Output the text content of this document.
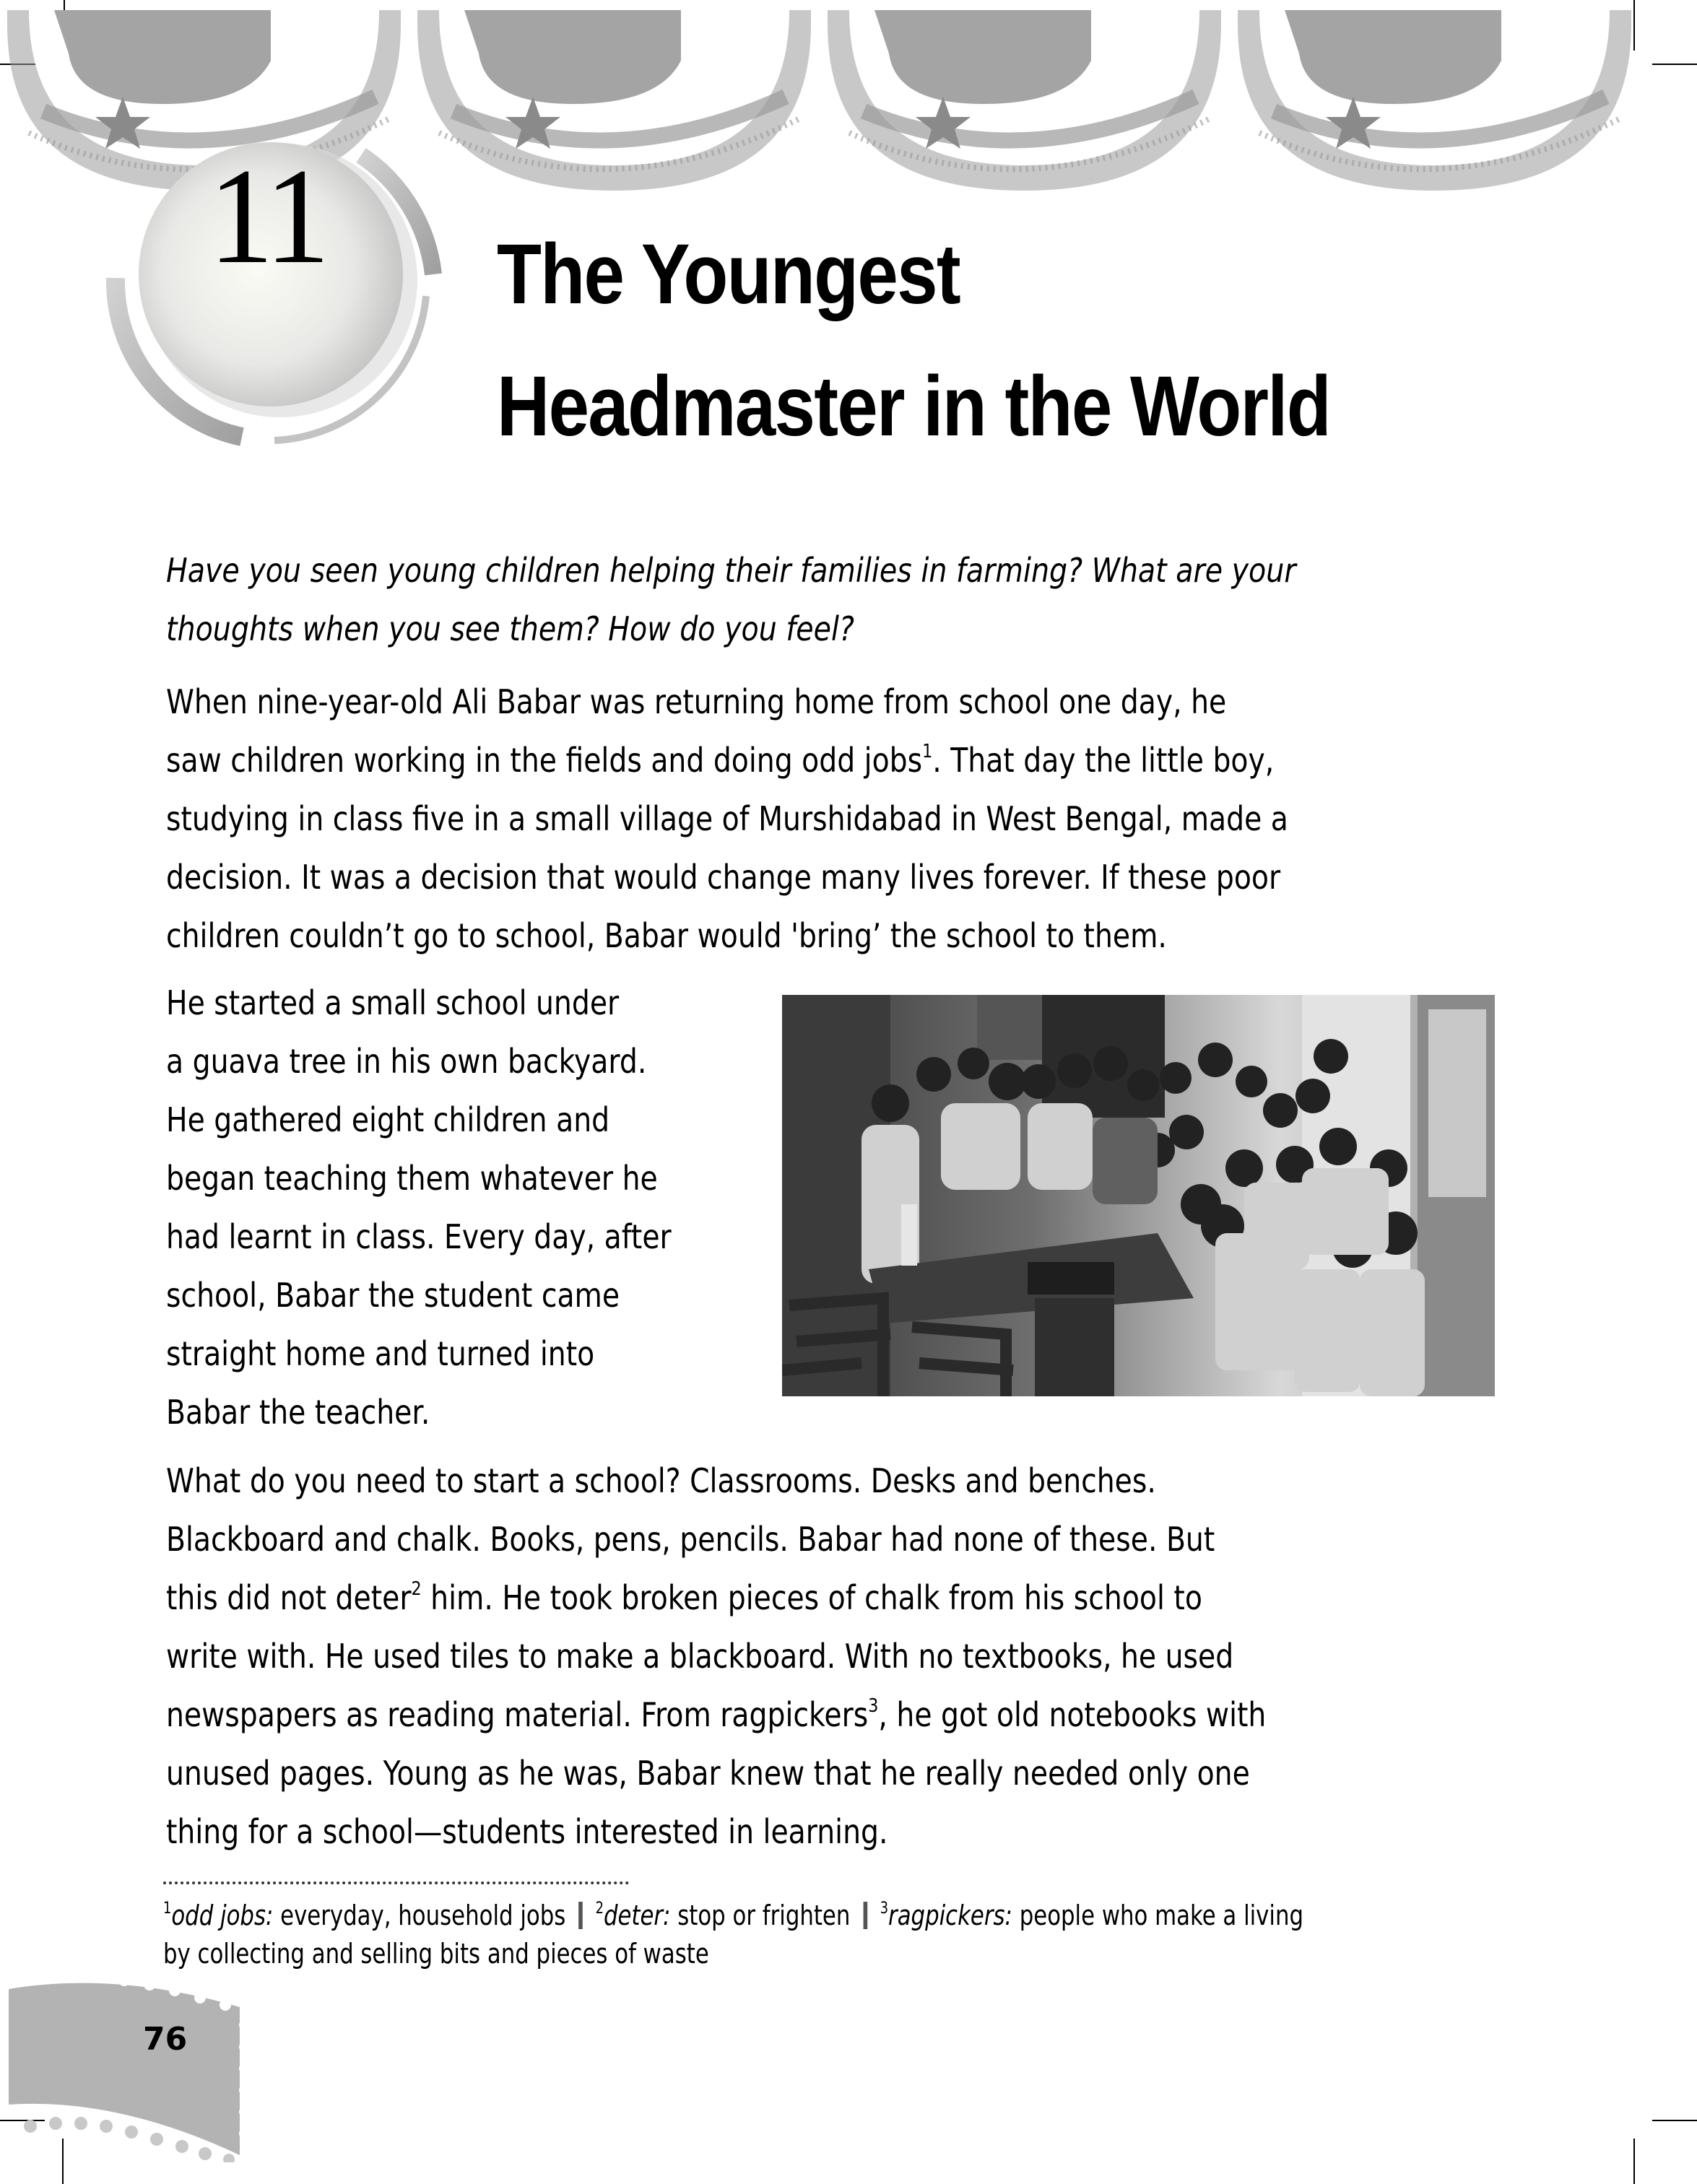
11	The Youngest
Headmaster in the World
Have you seen young children helping their families in farming? What are your
thoughts when you see them? How do you feel?
When nine-year-old Ali Babar was returning home from school one day, he
saw children working in the fields and doing odd jobs$^1$. That day the little boy,
studying in class five in a small village of Murshidabad in West Bengal, made a
decision. It was a decision that would change many lives forever. If these poor
children couldn’t go to school, Babar would 'bring’ the school to them.
He started a small school under
a guava tree in his own backyard.
He gathered eight children and
began teaching them whatever he
had learnt in class. Every day, after
school, Babar the student came
straight home and turned into
Babar the teacher.
What do you need to start a school? Classrooms. Desks and benches.
Blackboard and chalk. Books, pens, pencils. Babar had none of these. But
this did not deter$^2$ him. He took broken pieces of chalk from his school to
write with. He used tiles to make a blackboard. With no textbooks, he used
newspapers as reading material. From ragpickers$^3$, he got old notebooks with
unused pages. Young as he was, Babar knew that he really needed only one
thing for a school—students interested in learning.
$^1$odd jobs: everyday, household jobs $^2$deter: stop or frighten $^3$ragpickers: people who make a living
by collecting and selling bits and pieces of waste
76
